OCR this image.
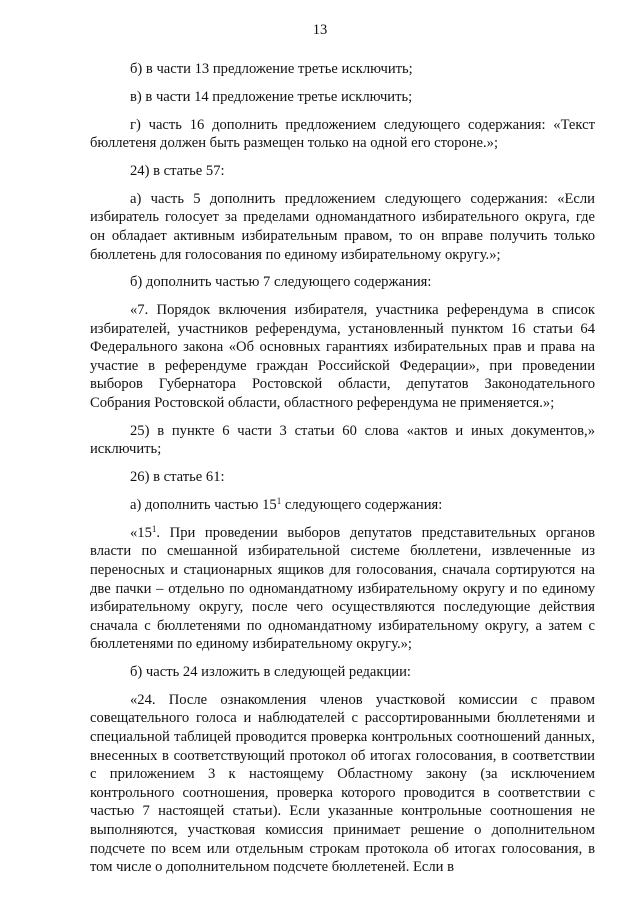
13

б) в части 13 предложение третье исключить;

в) в части 14 предложение третье исключить;

г) часть 16 дополнить предложением следующего содержания: «Текст бюллетеня должен быть размещен только на одной его стороне.»;

24) в статье 57:

а) часть 5 дополнить предложением следующего содержания: «Если избиратель голосует за пределами одномандатного избирательного округа, где он обладает активным избирательным правом, то он вправе получить только бюллетень для голосования по единому избирательному округу.»;

б) дополнить частью 7 следующего содержания:

«7. Порядок включения избирателя, участника референдума в список избирателей, участников референдума, установленный пунктом 16 статьи 64 Федерального закона «Об основных гарантиях избирательных прав и права на участие в референдуме граждан Российской Федерации», при проведении выборов Губернатора Ростовской области, депутатов Законодательного Собрания Ростовской области, областного референдума не применяется.»;

25) в пункте 6 части 3 статьи 60 слова «актов и иных документов,» исключить;

26) в статье 61:

а) дополнить частью $15^1$ следующего содержания:

«$15^1$. При проведении выборов депутатов представительных органов власти по смешанной избирательной системе бюллетени, извлеченные из переносных и стационарных ящиков для голосования, сначала сортируются на две пачки – отдельно по одномандатному избирательному округу и по единому избирательному округу, после чего осуществляются последующие действия сначала с бюллетенями по одномандатному избирательному округу, а затем с бюллетенями по единому избирательному округу.»;

б) часть 24 изложить в следующей редакции:

«24. После ознакомления членов участковой комиссии с правом совещательного голоса и наблюдателей с рассортированными бюллетенями и специальной таблицей проводится проверка контрольных соотношений данных, внесенных в соответствующий протокол об итогах голосования, в соответствии с приложением 3 к настоящему Областному закону (за исключением контрольного соотношения, проверка которого проводится в соответствии с частью 7 настоящей статьи). Если указанные контрольные соотношения не выполняются, участковая комиссия принимает решение о дополнительном подсчете по всем или отдельным строкам протокола об итогах голосования, в том числе о дополнительном подсчете бюллетеней. Если в
